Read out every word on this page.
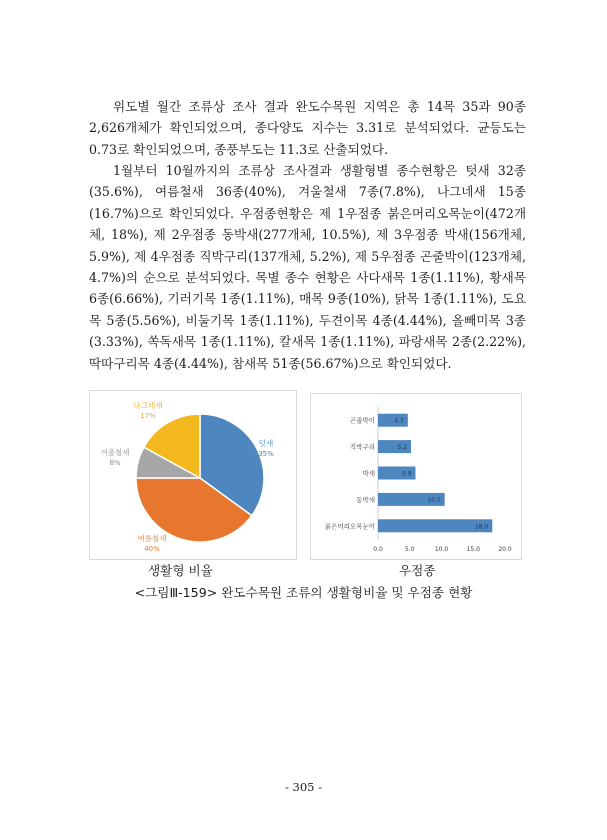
위도별 월간 조류상 조사 결과 완도수목원 지역은 총 14목 35과 90종 2,626개체가 확인되었으며, 종다양도 지수는 3.31로 분석되었다. 균등도는 0.73로 확인되었으며, 종풍부도는 11.3로 산출되었다.

1월부터 10월까지의 조류상 조사결과 생활형별 종수현황은 텃새 32종(35.6%), 여름철새 36종(40%), 겨울철새 7종(7.8%), 나그네새 15종(16.7%)으로 확인되었다. 우점종현황은 제 1우점종 붉은머리오목눈이(472개체, 18%), 제 2우점종 동박새(277개체, 10.5%), 제 3우점종 박새(156개체, 5.9%), 제 4우점종 직박구리(137개체, 5.2%), 제 5우점종 곤줄박이(123개체, 4.7%)의 순으로 분석되었다. 목별 종수 현황은 사다새목 1종(1.11%), 황새목 6종(6.66%), 기러기목 1종(1.11%), 매목 9종(10%), 닭목 1종(1.11%), 도요목 5종(5.56%), 비둘기목 1종(1.11%), 두견이목 4종(4.44%), 올빼미목 3종(3.33%), 쏙독새목 1종(1.11%), 칼새목 1종(1.11%), 파랑새목 2종(2.22%), 딱따구리목 4종(4.44%), 참새목 51종(56.67%)으로 확인되었다.

텃새
35%
여름철새
40%
겨울철새
8%
나그네새
17%
곤줄박이	4.7
직박구리	5.2
박새	5.9
동박새	10.5
붉은머리오목눈이	18.0
0.0	5.0	10.0	15.0	20.0
생활형 비율	우점종
<그림Ⅲ-159> 완도수목원 조류의 생활형비율 및 우점종 현황
- 305 -
